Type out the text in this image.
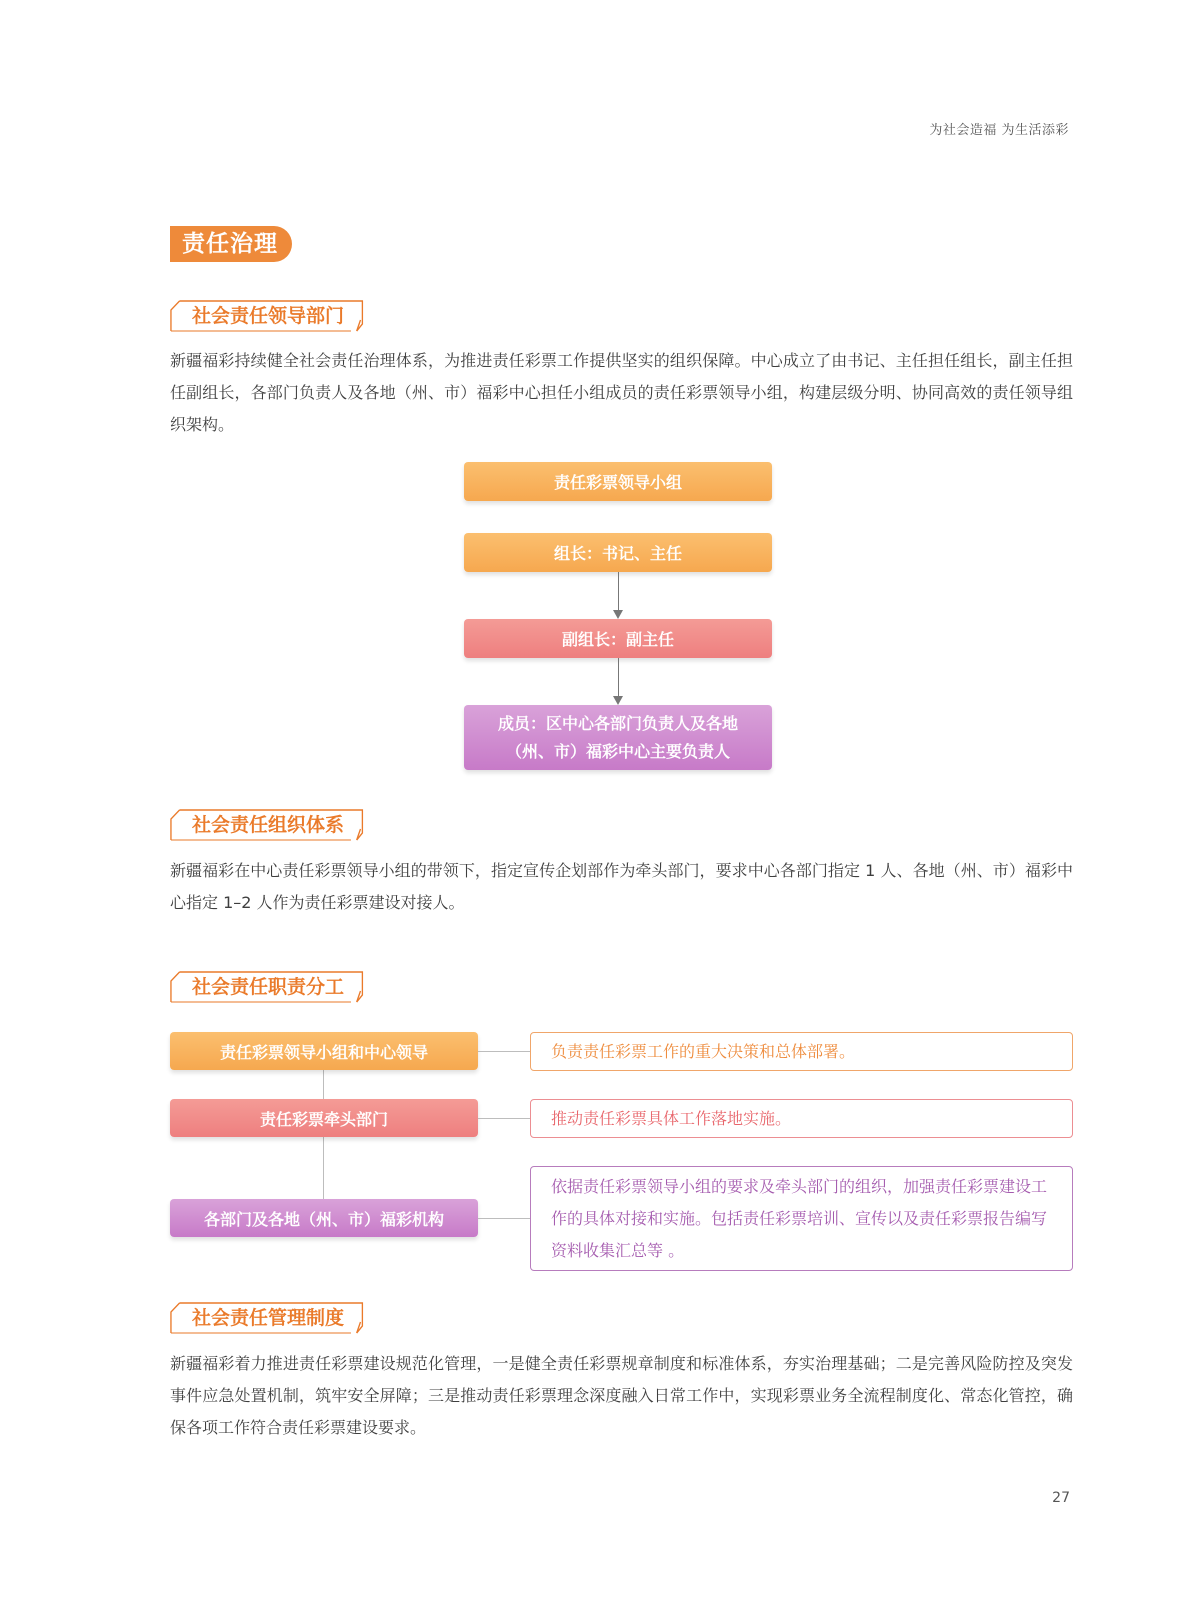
为社会造福 为生活添彩
责任治理
社会责任领导部门
新疆福彩持续健全社会责任治理体系，为推进责任彩票工作提供坚实的组织保障。中心成立了由书记、主任担任组长，副主任担任副组长，各部门负责人及各地（州、市）福彩中心担任小组成员的责任彩票领导小组，构建层级分明、协同高效的责任领导组织架构。
责任彩票领导小组
组长：书记、主任
副组长：副主任
成员：区中心各部门负责人及各地
（州、市）福彩中心主要负责人
社会责任组织体系
新疆福彩在中心责任彩票领导小组的带领下，指定宣传企划部作为牵头部门，要求中心各部门指定 1 人、各地（州、市）福彩中心指定 1–2 人作为责任彩票建设对接人。
社会责任职责分工
责任彩票领导小组和中心领导	负责责任彩票工作的重大决策和总体部署。
责任彩票牵头部门	推动责任彩票具体工作落地实施。
各部门及各地（州、市）福彩机构
依据责任彩票领导小组的要求及牵头部门的组织，加强责任彩票建设工作的具体对接和实施。包括责任彩票培训、宣传以及责任彩票报告编写资料收集汇总等 。
社会责任管理制度
新疆福彩着力推进责任彩票建设规范化管理，一是健全责任彩票规章制度和标准体系，夯实治理基础；二是完善风险防控及突发事件应急处置机制，筑牢安全屏障；三是推动责任彩票理念深度融入日常工作中，实现彩票业务全流程制度化、常态化管控，确保各项工作符合责任彩票建设要求。
27
